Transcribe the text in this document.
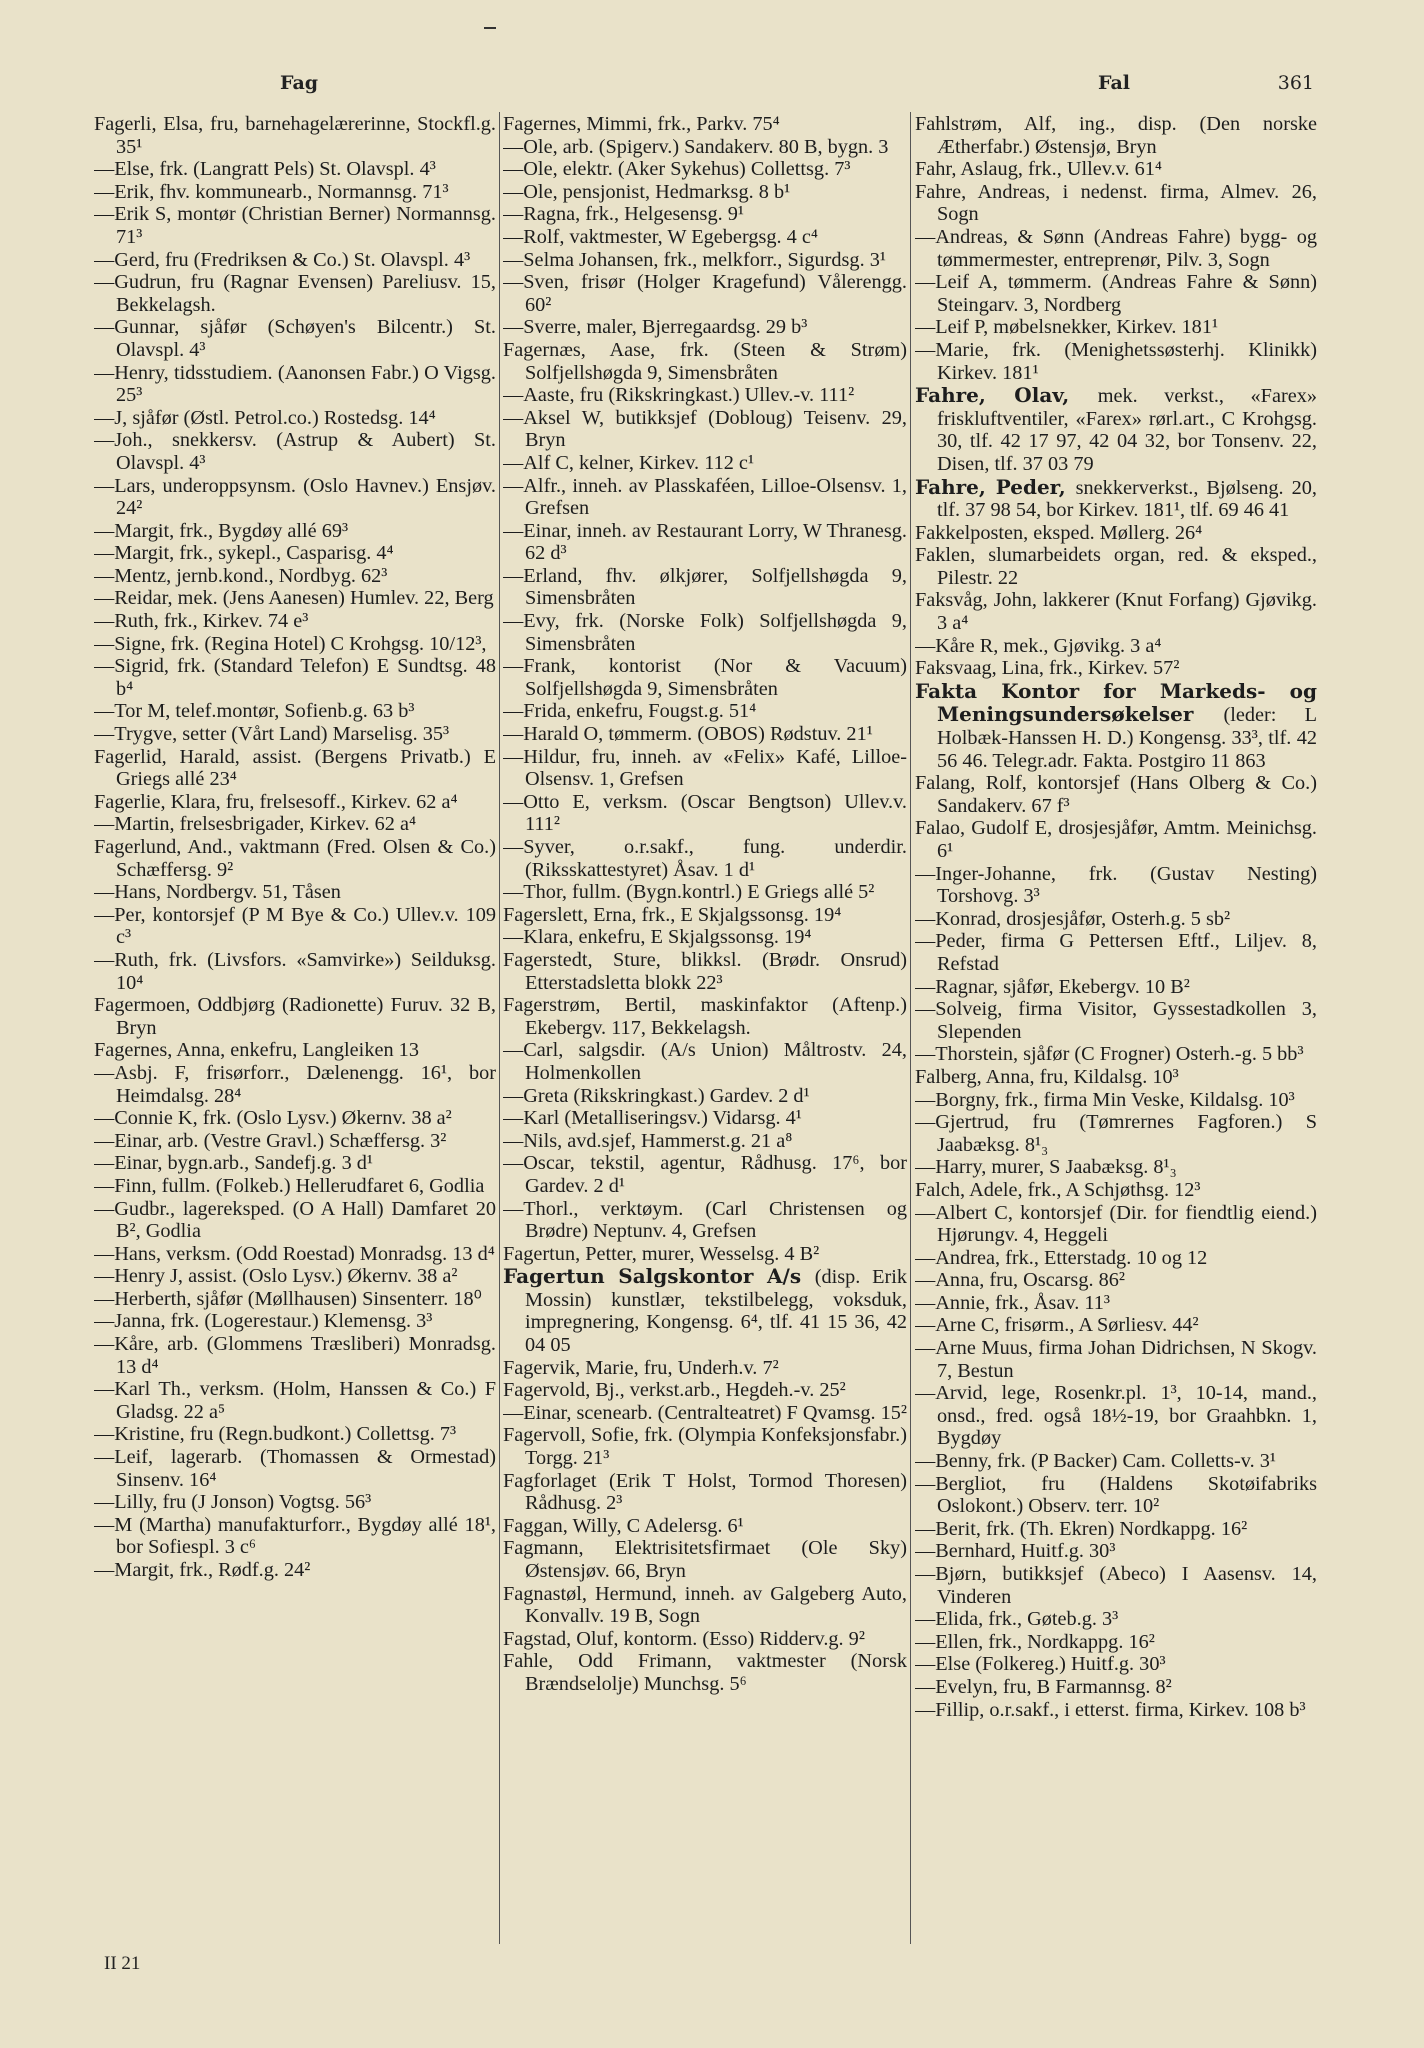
Fag	Fal	361
Fagerli, Elsa, fru, barnehagelærerinne, Stockfl.g. 35¹
—Else, frk. (Langratt Pels) St. Olavspl. 4³
—Erik, fhv. kommunearb., Normannsg. 71³
—Erik S, montør (Christian Berner) Normannsg. 71³
—Gerd, fru (Fredriksen & Co.) St. Olavspl. 4³
—Gudrun, fru (Ragnar Evensen) Pareliusv. 15, Bekkelagsh.
—Gunnar, sjåfør (Schøyen's Bilcentr.) St. Olavspl. 4³
—Henry, tidsstudiem. (Aanonsen Fabr.) O Vigsg. 25³
—J, sjåfør (Østl. Petrol.co.) Rostedsg. 14⁴
—Joh., snekkersv. (Astrup & Aubert) St. Olavspl. 4³
—Lars, underoppsynsm. (Oslo Havnev.) Ensjøv. 24²
—Margit, frk., Bygdøy allé 69³
—Margit, frk., sykepl., Casparisg. 4⁴
—Mentz, jernb.kond., Nordbyg. 62³
—Reidar, mek. (Jens Aanesen) Humlev. 22, Berg
—Ruth, frk., Kirkev. 74 e³
—Signe, frk. (Regina Hotel) C Krohgsg. 10/12³,
—Sigrid, frk. (Standard Telefon) E Sundtsg. 48 b⁴
—Tor M, telef.montør, Sofienb.g. 63 b³
—Trygve, setter (Vårt Land) Marselisg. 35³
Fagerlid, Harald, assist. (Bergens Privatb.) E Griegs allé 23⁴
Fagerlie, Klara, fru, frelsesoff., Kirkev. 62 a⁴
—Martin, frelsesbrigader, Kirkev. 62 a⁴
Fagerlund, And., vaktmann (Fred. Olsen & Co.) Schæffersg. 9²
—Hans, Nordbergv. 51, Tåsen
—Per, kontorsjef (P M Bye & Co.) Ullev.v. 109 c³
—Ruth, frk. (Livsfors. «Samvirke») Seilduksg. 10⁴
Fagermoen, Oddbjørg (Radionette) Furuv. 32 B, Bryn
Fagernes, Anna, enkefru, Langleiken 13
—Asbj. F, frisørforr., Dælenengg. 16¹, bor Heimdalsg. 28⁴
—Connie K, frk. (Oslo Lysv.) Økernv. 38 a²
—Einar, arb. (Vestre Gravl.) Schæffersg. 3²
—Einar, bygn.arb., Sandefj.g. 3 d¹
—Finn, fullm. (Folkeb.) Hellerudfaret 6, Godlia
—Gudbr., lagereksped. (O A Hall) Damfaret 20 B², Godlia
—Hans, verksm. (Odd Roestad) Monradsg. 13 d⁴
—Henry J, assist. (Oslo Lysv.) Økernv. 38 a²
—Herberth, sjåfør (Møllhausen) Sinsenterr. 18⁰
—Janna, frk. (Logerestaur.) Klemensg. 3³
—Kåre, arb. (Glommens Træsliberi) Monradsg. 13 d⁴
—Karl Th., verksm. (Holm, Hanssen & Co.) F Gladsg. 22 a⁵
—Kristine, fru (Regn.budkont.) Collettsg. 7³
—Leif, lagerarb. (Thomassen & Ormestad) Sinsenv. 16⁴
—Lilly, fru (J Jonson) Vogtsg. 56³
—M (Martha) manufakturforr., Bygdøy allé 18¹, bor Sofiespl. 3 c⁶
—Margit, frk., Rødf.g. 24²
Fagernes, Mimmi, frk., Parkv. 75⁴
—Ole, arb. (Spigerv.) Sandakerv. 80 B, bygn. 3
—Ole, elektr. (Aker Sykehus) Collettsg. 7³
—Ole, pensjonist, Hedmarksg. 8 b¹
—Ragna, frk., Helgesensg. 9¹
—Rolf, vaktmester, W Egebergsg. 4 c⁴
—Selma Johansen, frk., melkforr., Sigurdsg. 3¹
—Sven, frisør (Holger Kragefund) Vålerengg. 60²
—Sverre, maler, Bjerregaardsg. 29 b³
Fagernæs, Aase, frk. (Steen & Strøm) Solfjellshøgda 9, Simensbråten
—Aaste, fru (Rikskringkast.) Ullev.-v. 111²
—Aksel W, butikksjef (Dobloug) Teisenv. 29, Bryn
—Alf C, kelner, Kirkev. 112 c¹
—Alfr., inneh. av Plasskaféen, Lilloe-Olsensv. 1, Grefsen
—Einar, inneh. av Restaurant Lorry, W Thranesg. 62 d³
—Erland, fhv. ølkjører, Solfjellshøgda 9, Simensbråten
—Evy, frk. (Norske Folk) Solfjellshøgda 9, Simensbråten
—Frank, kontorist (Nor & Vacuum) Solfjellshøgda 9, Simensbråten
—Frida, enkefru, Fougst.g. 51⁴
—Harald O, tømmerm. (OBOS) Rødstuv. 21¹
—Hildur, fru, inneh. av «Felix» Kafé, Lilloe-Olsensv. 1, Grefsen
—Otto E, verksm. (Oscar Bengtson) Ullev.v. 111²
—Syver, o.r.sakf., fung. underdir. (Riksskattestyret) Åsav. 1 d¹
—Thor, fullm. (Bygn.kontrl.) E Griegs allé 5²
Fagerslett, Erna, frk., E Skjalgssonsg. 19⁴
—Klara, enkefru, E Skjalgssonsg. 19⁴
Fagerstedt, Sture, blikksl. (Brødr. Onsrud) Etterstadsletta blokk 22³
Fagerstrøm, Bertil, maskinfaktor (Aftenp.) Ekebergv. 117, Bekkelagsh.
—Carl, salgsdir. (A/s Union) Måltrostv. 24, Holmenkollen
—Greta (Rikskringkast.) Gardev. 2 d¹
—Karl (Metalliseringsv.) Vidarsg. 4¹
—Nils, avd.sjef, Hammerst.g. 21 a⁸
—Oscar, tekstil, agentur, Rådhusg. 17⁶, bor Gardev. 2 d¹
—Thorl., verktøym. (Carl Christensen og Brødre) Neptunv. 4, Grefsen
Fagertun, Petter, murer, Wesselsg. 4 B²
Fagertun Salgskontor A/s (disp. Erik Mossin) kunstlær, tekstilbelegg, voksduk, impregnering, Kongensg. 6⁴, tlf. 41 15 36, 42 04 05
Fagervik, Marie, fru, Underh.v. 7²
Fagervold, Bj., verkst.arb., Hegdeh.-v. 25²
—Einar, scenearb. (Centralteatret) F Qvamsg. 15²
Fagervoll, Sofie, frk. (Olympia Konfeksjonsfabr.) Torgg. 21³
Fagforlaget (Erik T Holst, Tormod Thoresen) Rådhusg. 2³
Faggan, Willy, C Adelersg. 6¹
Fagmann, Elektrisitetsfirmaet (Ole Sky) Østensjøv. 66, Bryn
Fagnastøl, Hermund, inneh. av Galgeberg Auto, Konvallv. 19 B, Sogn
Fagstad, Oluf, kontorm. (Esso) Ridderv.g. 9²
Fahle, Odd Frimann, vaktmester (Norsk Brændselolje) Munchsg. 5⁶
Fahlstrøm, Alf, ing., disp. (Den norske Ætherfabr.) Østensjø, Bryn
Fahr, Aslaug, frk., Ullev.v. 61⁴
Fahre, Andreas, i nedenst. firma, Almev. 26, Sogn
—Andreas, & Sønn (Andreas Fahre) bygg- og tømmermester, entreprenør, Pilv. 3, Sogn
—Leif A, tømmerm. (Andreas Fahre & Sønn) Steingarv. 3, Nordberg
—Leif P, møbelsnekker, Kirkev. 181¹
—Marie, frk. (Menighetssøsterhj. Klinikk) Kirkev. 181¹
Fahre, Olav, mek. verkst., «Farex» friskluftventiler, «Farex» rørl.art., C Krohgsg. 30, tlf. 42 17 97, 42 04 32, bor Tonsenv. 22, Disen, tlf. 37 03 79
Fahre, Peder, snekkerverkst., Bjølseng. 20, tlf. 37 98 54, bor Kirkev. 181¹, tlf. 69 46 41
Fakkelposten, eksped. Møllerg. 26⁴
Faklen, slumarbeidets organ, red. & eksped., Pilestr. 22
Faksvåg, John, lakkerer (Knut Forfang) Gjøvikg. 3 a⁴
—Kåre R, mek., Gjøvikg. 3 a⁴
Faksvaag, Lina, frk., Kirkev. 57²
Fakta Kontor for Markeds- og Meningsundersøkelser (leder: L Holbæk-Hanssen H. D.) Kongensg. 33³, tlf. 42 56 46. Telegr.adr. Fakta. Postgiro 11 863
Falang, Rolf, kontorsjef (Hans Olberg & Co.) Sandakerv. 67 f³
Falao, Gudolf E, drosjesjåfør, Amtm. Meinichsg. 6¹
—Inger-Johanne, frk. (Gustav Nesting) Torshovg. 3³
—Konrad, drosjesjåfør, Osterh.g. 5 sb²
—Peder, firma G Pettersen Eftf., Liljev. 8, Refstad
—Ragnar, sjåfør, Ekebergv. 10 B²
—Solveig, firma Visitor, Gyssestadkollen 3, Slependen
—Thorstein, sjåfør (C Frogner) Osterh.-g. 5 bb³
Falberg, Anna, fru, Kildalsg. 10³
—Borgny, frk., firma Min Veske, Kildalsg. 10³
—Gjertrud, fru (Tømrernes Fagforen.) S Jaabæksg. 8¹₃
—Harry, murer, S Jaabæksg. 8¹₃
Falch, Adele, frk., A Schjøthsg. 12³
—Albert C, kontorsjef (Dir. for fiendtlig eiend.) Hjørungv. 4, Heggeli
—Andrea, frk., Etterstadg. 10 og 12
—Anna, fru, Oscarsg. 86²
—Annie, frk., Åsav. 11³
—Arne C, frisørm., A Sørliesv. 44²
—Arne Muus, firma Johan Didrichsen, N Skogv. 7, Bestun
—Arvid, lege, Rosenkr.pl. 1³, 10-14, mand., onsd., fred. også 18½-19, bor Graahbkn. 1, Bygdøy
—Benny, frk. (P Backer) Cam. Colletts-v. 3¹
—Bergliot, fru (Haldens Skotøifabriks Oslokont.) Observ. terr. 10²
—Berit, frk. (Th. Ekren) Nordkappg. 16²
—Bernhard, Huitf.g. 30³
—Bjørn, butikksjef (Abeco) I Aasensv. 14, Vinderen
—Elida, frk., Gøteb.g. 3³
—Ellen, frk., Nordkappg. 16²
—Else (Folkereg.) Huitf.g. 30³
—Evelyn, fru, B Farmannsg. 8²
—Fillip, o.r.sakf., i etterst. firma, Kirkev. 108 b³
II 21
